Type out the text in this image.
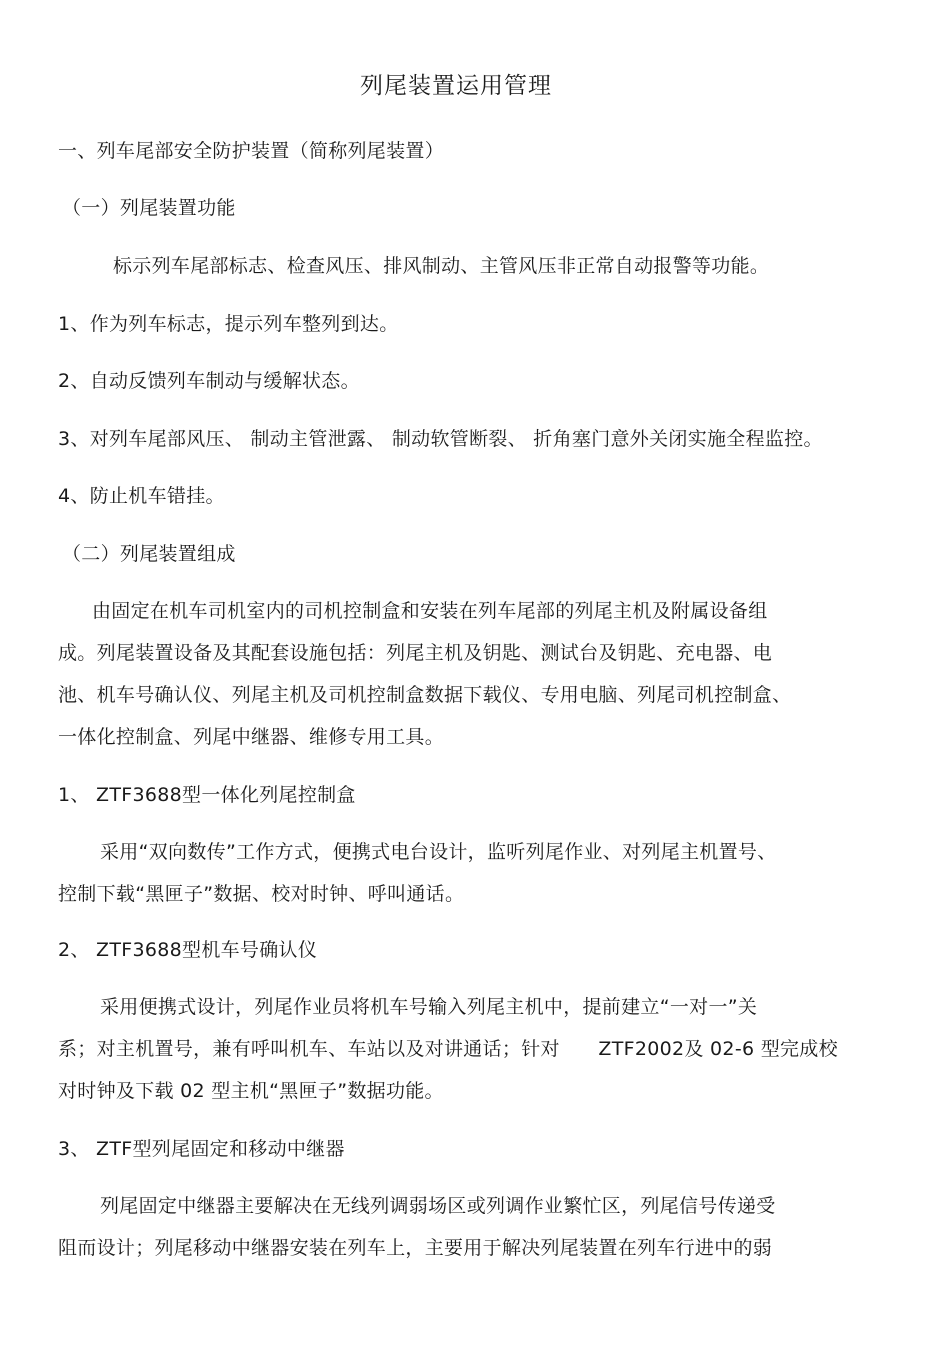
列尾装置运用管理
一、列车尾部安全防护装置（简称列尾装置）
（一）列尾装置功能
标示列车尾部标志、检查风压、排风制动、主管风压非正常自动报警等功能。
1、作为列车标志，提示列车整列到达。
2、自动反馈列车制动与缓解状态。
3、对列车尾部风压、 制动主管泄露、 制动软管断裂、 折角塞门意外关闭实施全程监控。
4、防止机车错挂。
（二）列尾装置组成
由固定在机车司机室内的司机控制盒和安装在列车尾部的列尾主机及附属设备组
成。列尾装置设备及其配套设施包括：列尾主机及钥匙、测试台及钥匙、充电器、电
池、机车号确认仪、列尾主机及司机控制盒数据下载仪、专用电脑、列尾司机控制盒、
一体化控制盒、列尾中继器、维修专用工具。
1、 ZTF3688型一体化列尾控制盒
采用“双向数传”工作方式，便携式电台设计，监听列尾作业、对列尾主机置号、
控制下载“黑匣子”数据、校对时钟、呼叫通话。
2、 ZTF3688型机车号确认仪
采用便携式设计，列尾作业员将机车号输入列尾主机中，提前建立“一对一”关
系；对主机置号，兼有呼叫机车、车站以及对讲通话；针对　　ZTF2002及 02-6 型完成校
对时钟及下载 02 型主机“黑匣子”数据功能。
3、 ZTF型列尾固定和移动中继器
列尾固定中继器主要解决在无线列调弱场区或列调作业繁忙区，列尾信号传递受
阻而设计；列尾移动中继器安装在列车上，主要用于解决列尾装置在列车行进中的弱
